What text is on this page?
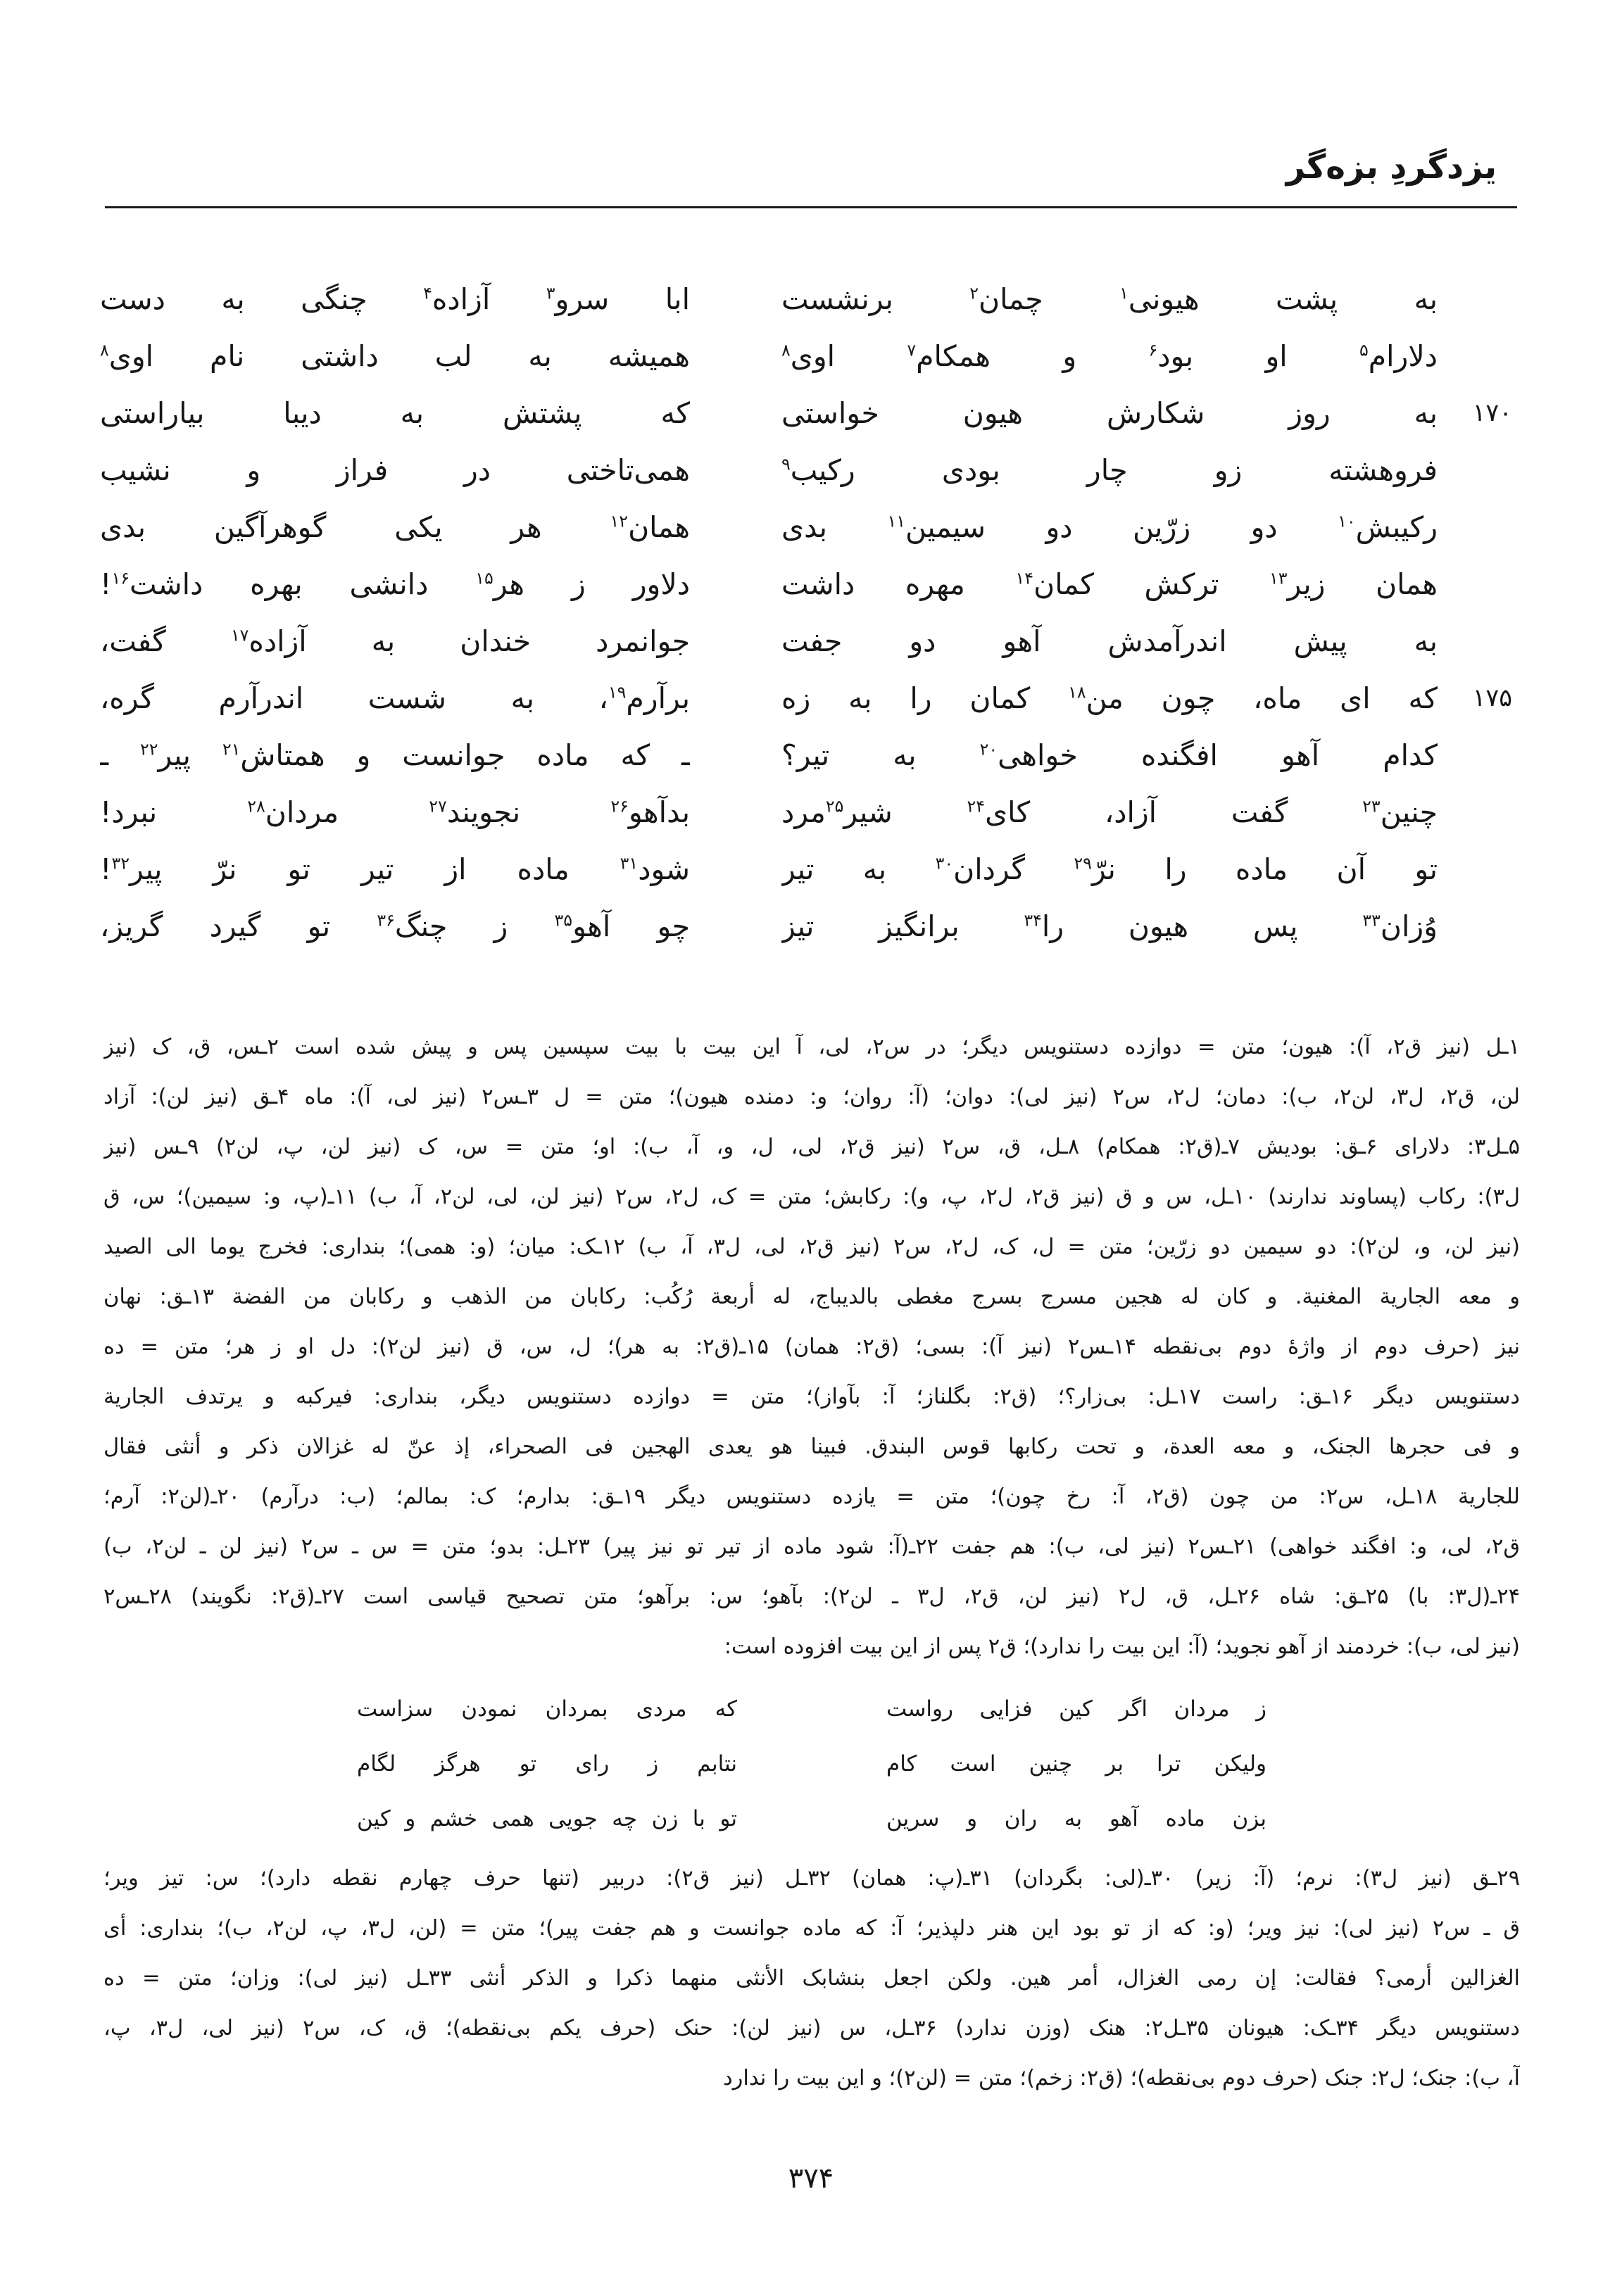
یزدگردِ بزه‌گر
به پشت هیونی$^۱$ چمان$^۲$ برنشست
ابا سرو$^۳$ آزاده$^۴$ چنگی به دست
دلارام$^۵$ او بود$^۶$ و همکام$^۷$ اوی$^۸$
همیشه به لب داشتی نام اوی$^۸$
۱۷۰
به روز شکارش هیون خواستی
که پشتش به دیبا بیاراستی
فروهشته زو چار بودی رکیب$^۹$
همی‌تاختی در فراز و نشیب
رکیبش$^{۱۰}$ دو زرّین دو سیمین$^{۱۱}$ بدی
همان$^{۱۲}$ هر یکی گوهرآگین بدی
همان زیر$^{۱۳}$ ترکش کمان$^{۱۴}$ مهره داشت
دلاور ز هر$^{۱۵}$ دانشی بهره داشت$^{۱۶}$!
به پیش اندرآمدش آهو دو جفت
جوانمرد خندان به آزاده$^{۱۷}$ گفت،
۱۷۵
که ای ماه، چون من$^{۱۸}$ کمان را به زه
برآرم$^{۱۹}$، به شست اندرآرم گره،
کدام آهو افگنده خواهی$^{۲۰}$ به تیر؟
ـ که ماده جوانست و همتاش$^{۲۱}$ پیر$^{۲۲}$ ـ
چنین$^{۲۳}$ گفت آزاد، کای$^{۲۴}$ شیر$^{۲۵}$مرد
بدآهو$^{۲۶}$ نجویند$^{۲۷}$ مردان$^{۲۸}$ نبرد!
تو آن ماده را نرّ$^{۲۹}$ گردان$^{۳۰}$ به تیر
شود$^{۳۱}$ ماده از تیر تو نرّ پیر$^{۳۲}$!
وُزان$^{۳۳}$ پس هیون را$^{۳۴}$ برانگیز تیز
چو آهو$^{۳۵}$ ز چنگ$^{۳۶}$ تو گیرد گریز،
۱ـل (نیز ق۲، آ): هیون؛ متن = دوازده دستنویس دیگر؛ در س۲، لی، آ این بیت با بیت سپسین پس و پیش شده است ۲ـس، ق، ک (نیز
لن، ق۲، ل۳، لن۲، ب): دمان؛ ل۲، س۲ (نیز لی): دوان؛ (آ: روان؛ و: دمنده هیون)؛ متن = ل ۳ـس۲ (نیز لی، آ): ماه ۴ـق (نیز لن): آزاد
۵ـل۳: دلارای ۶ـق: بودیش ۷ـ(ق۲: همکام) ۸ـل، ق، س۲ (نیز ق۲، لی، ل، و، آ، ب): او؛ متن = س، ک (نیز لن، پ، لن۲) ۹ـس (نیز
ل۳): رکاب (پساوند ندارند) ۱۰ـل، س و ق (نیز ق۲، ل۲، پ، و): رکابش؛ متن = ک، ل۲، س۲ (نیز لن، لی، لن۲، آ، ب) ۱۱ـ(پ، و: سیمین)؛ س، ق
(نیز لن، و، لن۲): دو سیمین دو زرّین؛ متن = ل، ک، ل۲، س۲ (نیز ق۲، لی، ل۳، آ، ب) ۱۲ـک: میان؛ (و: همی)؛ بنداری: فخرج یوما الی الصید
و معه الجاریة المغنیة. و کان له هجین مسرج بسرج مغطی بالدیباج، له أربعة رُکُب: رکابان من الذهب و رکابان من الفضة ۱۳ـق: نهان
نیز (حرف دوم از واژهٔ دوم بی‌نقطه ۱۴ـس۲ (نیز آ): بسی؛ (ق۲: همان) ۱۵ـ(ق۲: به هر)؛ ل، س، ق (نیز لن۲): دل او ز هر؛ متن = ده
دستنویس دیگر ۱۶ـق: راست ۱۷ـل: بی‌زار؟؛ (ق۲: بگلناز؛ آ: بآواز)؛ متن = دوازده دستنویس دیگر، بنداری: فیرکبه و یرتدف الجاریة
و فی حجرها الجنک، و معه العدة، و تحت رکابها قوس البندق. فبینا هو یعدی الهجین فی الصحراء، إذ عنّ له غزالان ذکر و أنثی فقال
للجاریة ۱۸ـل، س۲: من چون (ق۲، آ: رخ چون)؛ متن = یازده دستنویس دیگر ۱۹ـق: بدارم؛ ک: بمالم؛ (ب: درآرم) ۲۰ـ(لن۲: آرم؛
ق۲، لی، و: افگند خواهی) ۲۱ـس۲ (نیز لی، ب): هم جفت ۲۲ـ(آ: شود ماده از تیر تو نیز پیر) ۲۳ـل: بدو؛ متن = س ـ س۲ (نیز لن ـ لن۲، ب)
۲۴ـ(ل۳: با) ۲۵ـق: شاه ۲۶ـل، ق، ل۲ (نیز لن، ق۲، ل۳ ـ لن۲): بآهو؛ س: برآهو؛ متن تصحیح قیاسی است ۲۷ـ(ق۲: نگویند) ۲۸ـس۲
(نیز لی، ب): خردمند از آهو نجوید؛ (آ: این بیت را ندارد)؛ ق۲ پس از این بیت افزوده است:
ز مردان اگر کین فزایی رواست
که مردی بمردان نمودن سزاست
ولیکن ترا بر چنین است کام
نتابم ز رای تو هرگز لگام
بزن ماده آهو به ران و سرین
تو با زن چه جویی همی خشم و کین
۲۹ـق (نیز ل۳): نرم؛ (آ: زیر) ۳۰ـ(لی: بگردان) ۳۱ـ(پ: همان) ۳۲ـل (نیز ق۲): دربیر (تنها حرف چهارم نقطه دارد)؛ س: تیز ویر؛
ق ـ س۲ (نیز لی): نیز ویر؛ (و: که از تو بود این هنر دلپذیر؛ آ: که ماده جوانست و هم جفت پیر)؛ متن = (لن، ل۳، پ، لن۲، ب)؛ بنداری: أی
الغزالین أرمی؟ فقالت: إن رمی الغزال، أمر هین. ولکن اجعل بنشابک الأنثی منهما ذکرا و الذکر أنثی ۳۳ـل (نیز لی): وزان؛ متن = ده
دستنویس دیگر ۳۴ـک: هیونان ۳۵ـل۲: هنک (وزن ندارد) ۳۶ـل، س (نیز لن): حنک (حرف یکم بی‌نقطه)؛ ق، ک، س۲ (نیز لی، ل۳، پ،
آ، ب): جنک؛ ل۲: جنک (حرف دوم بی‌نقطه)؛ (ق۲: زخم)؛ متن = (لن۲)؛ و این بیت را ندارد
۳۷۴
